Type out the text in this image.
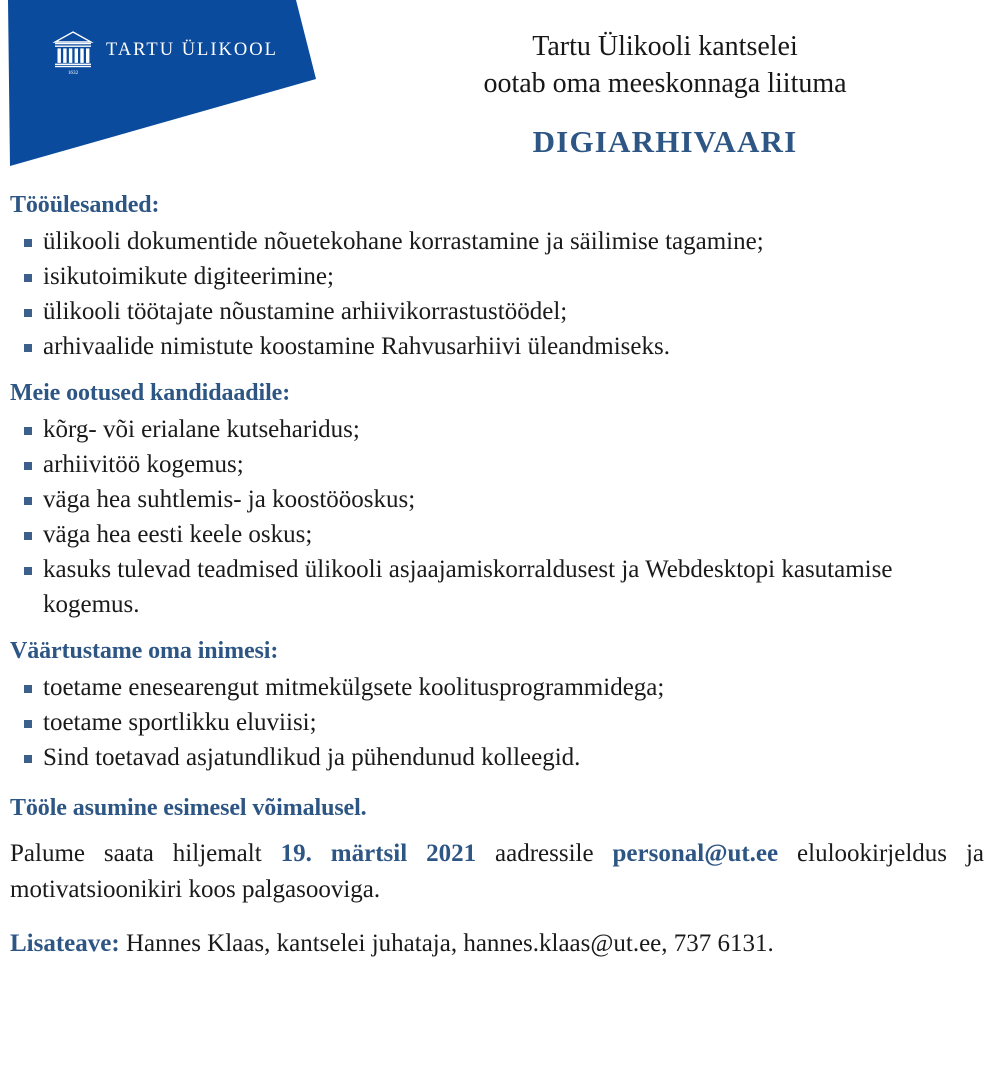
1632
TARTU ÜLIKOOL	Tartu Ülikooli kantselei
ootab oma meeskonnaga liituma
DIGIARHIVAARI
Tööülesanded:
ülikooli dokumentide nõuetekohane korrastamine ja säilimise tagamine;
isikutoimikute digiteerimine;
ülikooli töötajate nõustamine arhiivikorrastustöödel;
arhivaalide nimistute koostamine Rahvusarhiivi üleandmiseks.
Meie ootused kandidaadile:
kõrg- või erialane kutseharidus;
arhiivitöö kogemus;
väga hea suhtlemis- ja koostööoskus;
väga hea eesti keele oskus;
kasuks tulevad teadmised ülikooli asjaajamiskorraldusest ja Webdesktopi kasutamise kogemus.
Väärtustame oma inimesi:
toetame enesearengut mitmekülgsete koolitusprogrammidega;
toetame sportlikku eluviisi;
Sind toetavad asjatundlikud ja pühendunud kolleegid.
Tööle asumine esimesel võimalusel.

Palume saata hiljemalt 19. märtsil 2021 aadressile personal@ut.ee elulookirjeldus ja motivatsioonikiri koos palgasooviga.

Lisateave: Hannes Klaas, kantselei juhataja, hannes.klaas@ut.ee, 737 6131.
